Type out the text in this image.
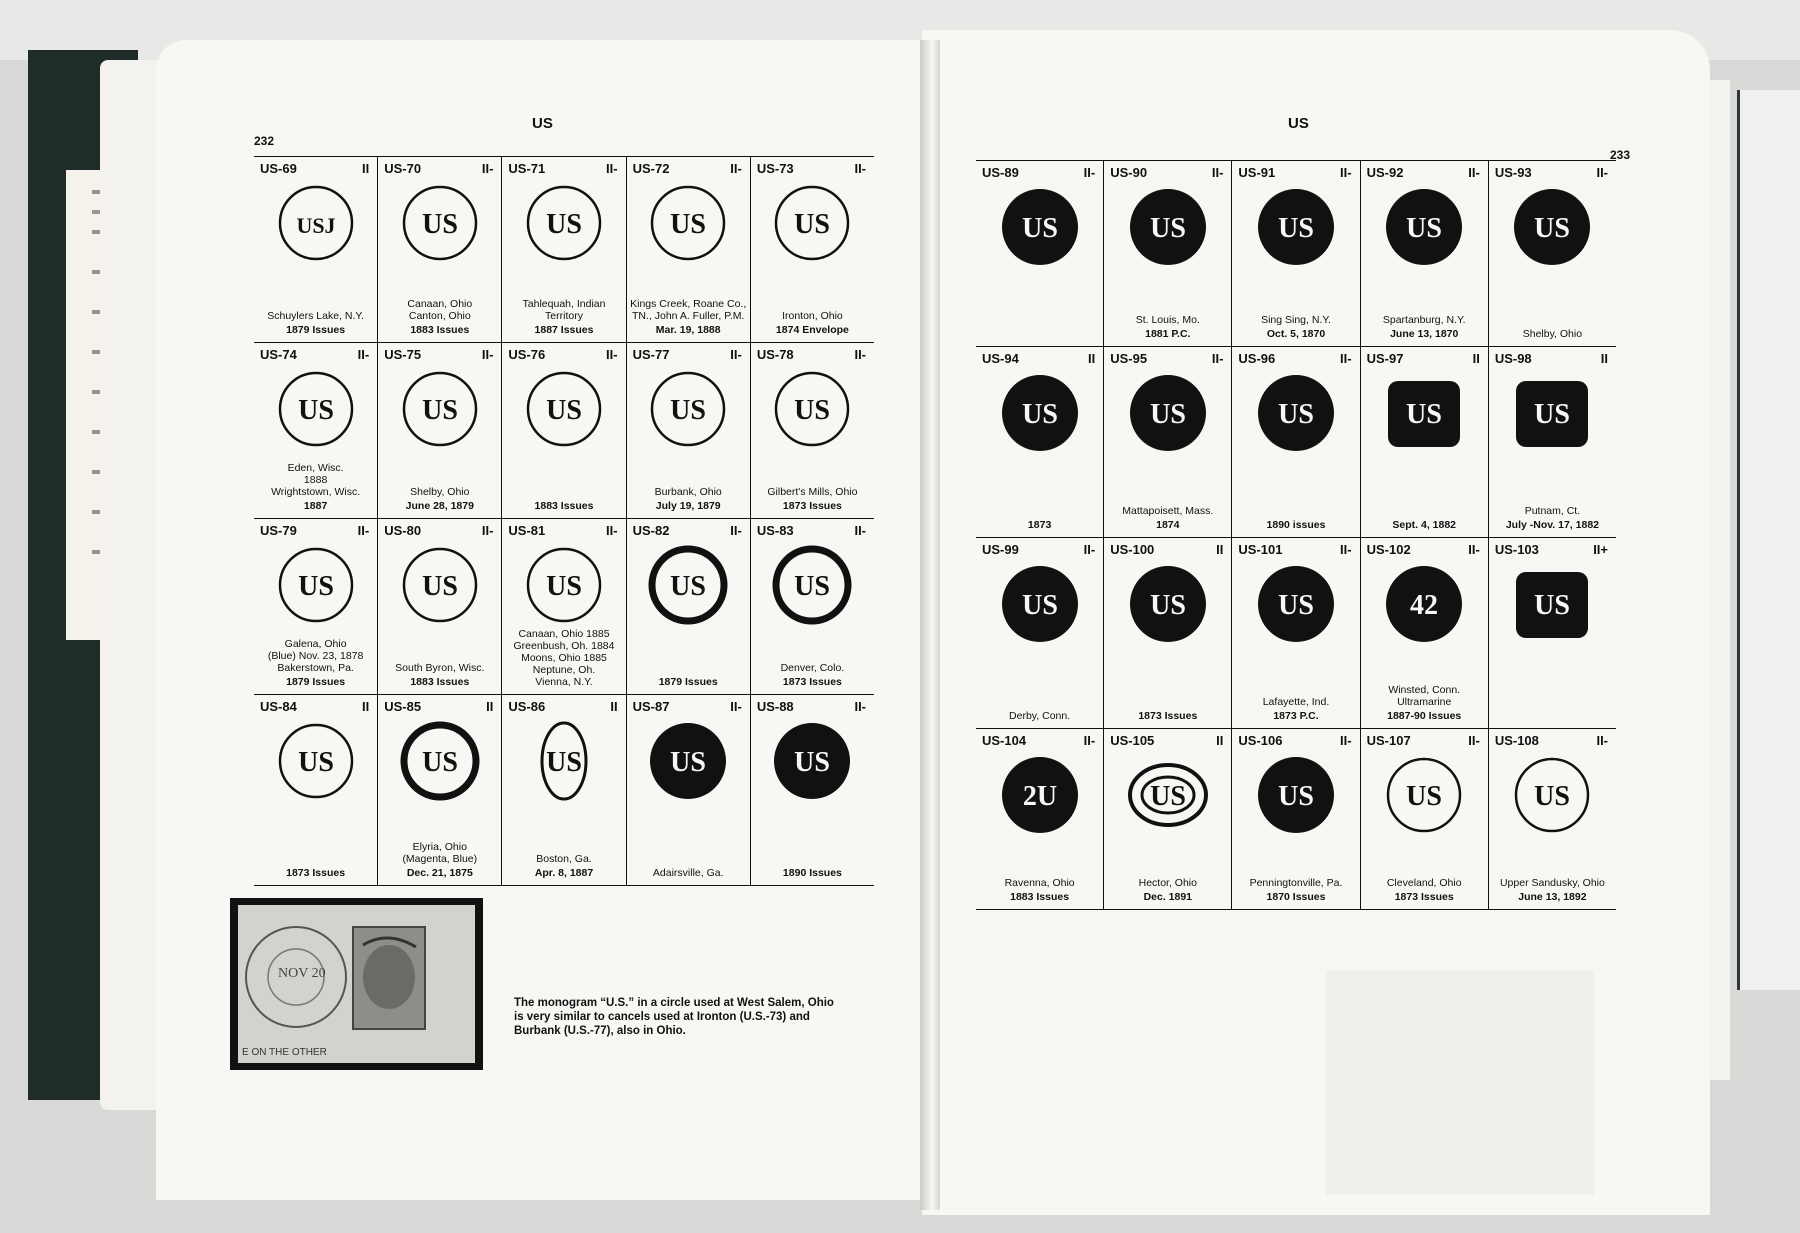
232
US	US
233
US-69	II
USJ
Schuylers Lake, N.Y.
1879 Issues
US-70	II-
US
Canaan, Ohio
Canton, Ohio
1883 Issues
US-71	II-
US
Tahlequah, Indian
Territory
1887 Issues
US-72	II-
US
Kings Creek, Roane Co.,
TN., John A. Fuller, P.M.
Mar. 19, 1888
US-73	II-
US
Ironton, Ohio
1874 Envelope
US-74	II-
US
Eden, Wisc.
1888
Wrightstown, Wisc.
1887
US-75	II-
US
Shelby, Ohio
June 28, 1879
US-76	II-
US
1883 Issues
US-77	II-
US
Burbank, Ohio
July 19, 1879
US-78	II-
US
Gilbert's Mills, Ohio
1873 Issues
US-79	II-
US
Galena, Ohio
(Blue) Nov. 23, 1878
Bakerstown, Pa.
1879 Issues
US-80	II-
US
South Byron, Wisc.
1883 Issues
US-81	II-
US
Canaan, Ohio 1885
Greenbush, Oh. 1884
Moons, Ohio 1885
Neptune, Oh.
Vienna, N.Y.
US-82	II-
US
1879 Issues
US-83	II-
US
Denver, Colo.
1873 Issues
US-84	II
US
1873 Issues
US-85	II
US
Elyria, Ohio
(Magenta, Blue)
Dec. 21, 1875
US-86	II
US
Boston, Ga.
Apr. 8, 1887
US-87	II-
US
Adairsville, Ga.
US-88	II-
US
1890 Issues
US-89	II-
US
US-90	II-
US
St. Louis, Mo.
1881 P.C.
US-91	II-
US
Sing Sing, N.Y.
Oct. 5, 1870
US-92	II-
US
Spartanburg, N.Y.
June 13, 1870
US-93	II-
US
Shelby, Ohio
US-94	II
US
1873
US-95	II-
US
Mattapoisett, Mass.
1874
US-96	II-
US
1890 issues
US-97	II
US
Sept. 4, 1882
US-98	II
US
Putnam, Ct.
July -Nov. 17, 1882
US-99	II-
US
Derby, Conn.
US-100	II
US
1873 Issues
US-101	II-
US
Lafayette, Ind.
1873 P.C.
US-102	II-
42
Winsted, Conn.
Ultramarine
1887-90 Issues
US-103	II+
US
US-104	II-
2U
Ravenna, Ohio
1883 Issues
US-105	II
US
Hector, Ohio
Dec. 1891
US-106	II-
US
Penningtonville, Pa.
1870 Issues
US-107	II-
US
Cleveland, Ohio
1873 Issues
US-108	II-
US
Upper Sandusky, Ohio
June 13, 1892
NOV 20
E ON THE OTHER
The monogram “U.S.” in a circle used at West Salem, Ohio is very similar to cancels used at Ironton (U.S.-73) and Burbank (U.S.-77), also in Ohio.
